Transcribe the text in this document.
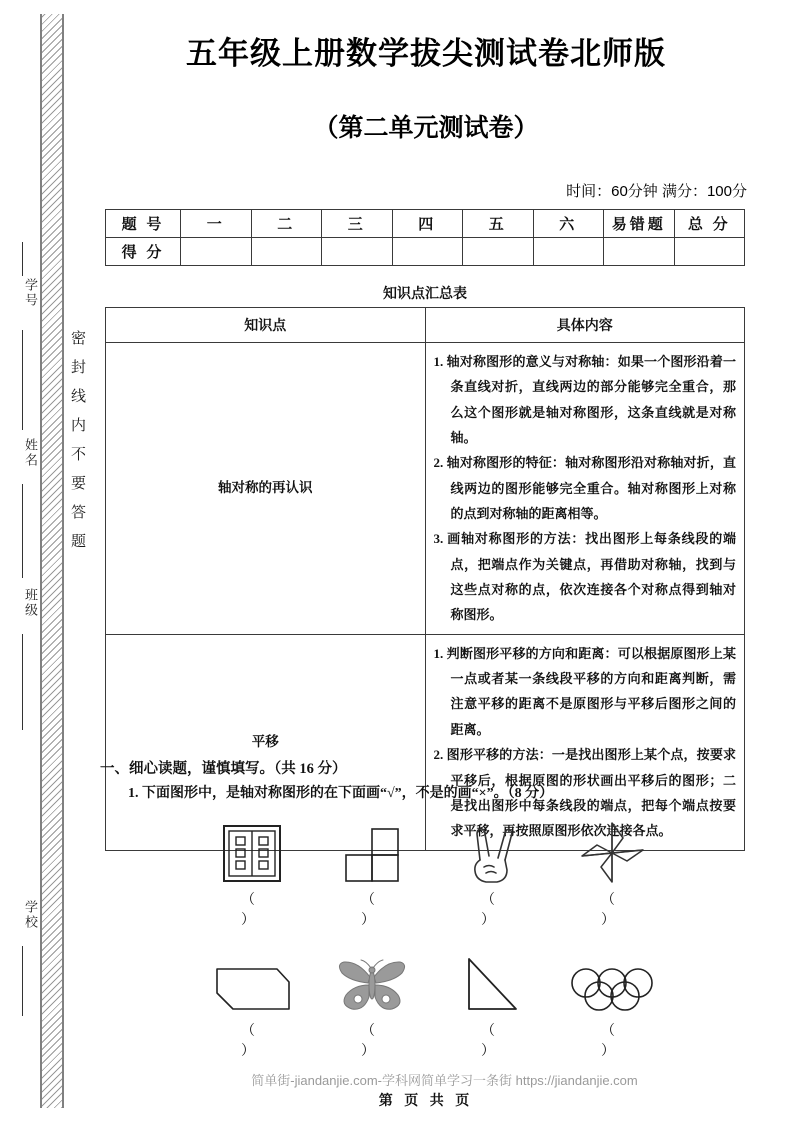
学号
姓名
班级
学校
密封线内不要答题
五年级上册数学拔尖测试卷北师版
（第二单元测试卷）
时间：60分钟 满分：100分
题 号	一	二	三	四	五	六	易错题	总 分
得 分								
知识点汇总表
知识点	具体内容
轴对称的再认识	1. 轴对称图形的意义与对称轴：如果一个图形沿着一条直线对折，直线两边的部分能够完全重合，那么这个图形就是轴对称图形，这条直线就是对称轴。
2. 轴对称图形的特征：轴对称图形沿对称轴对折，直线两边的图形能够完全重合。轴对称图形上对称的点到对称轴的距离相等。
3. 画轴对称图形的方法：找出图形上每条线段的端点，把端点作为关键点，再借助对称轴，找到与这些点对称的点，依次连接各个对称点得到轴对称图形。

平移	1. 判断图形平移的方向和距离：可以根据原图形上某一点或者某一条线段平移的方向和距离判断，需注意平移的距离不是原图形与平移后图形之间的距离。
2. 图形平移的方法：一是找出图形上某个点，按要求平移后，根据原图的形状画出平移后的图形；二是找出图形中每条线段的端点，把每个端点按要求平移，再按照原图形依次连接各点。
一、细心读题，谨慎填写。（共 16 分）
1. 下面图形中，是轴对称图形的在下面画“√”，不是的画“×”。（8 分）
（ ）
（ ）
（ ）
（ ）
（ ）
（ ）
（ ）
（ ）
简单街-jiandanjie.com-学科网简单学习一条街 https://jiandanjie.com
第 页 共 页
